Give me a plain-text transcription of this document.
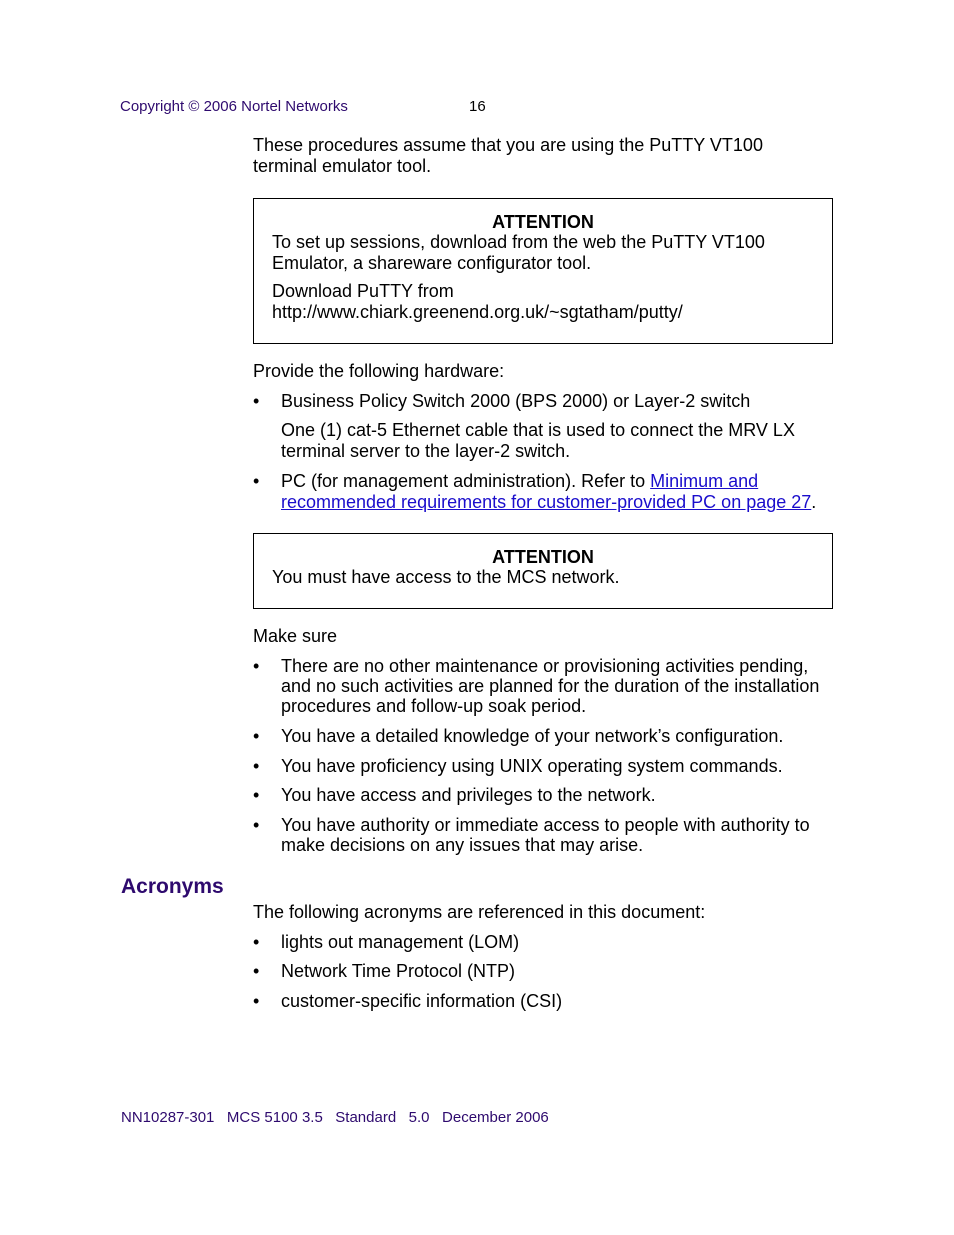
Copyright © 2006 Nortel Networks	16
These procedures assume that you are using the PuTTY VT100
terminal emulator tool.
ATTENTION
To set up sessions, download from the web the PuTTY VT100
Emulator, a shareware configurator tool.
Download PuTTY from
http://www.chiark.greenend.org.uk/~sgtatham/putty/
Provide the following hardware:
•	Business Policy Switch 2000 (BPS 2000) or Layer-2 switch
One (1) cat-5 Ethernet cable that is used to connect the MRV LX
terminal server to the layer-2 switch.
•	PC (for management administration). Refer to Minimum and
recommended requirements for customer-provided PC on page 27.
ATTENTION
You must have access to the MCS network.
Make sure
•	There are no other maintenance or provisioning activities pending,
and no such activities are planned for the duration of the installation
procedures and follow-up soak period.
•	You have a detailed knowledge of your network’s configuration.
•	You have proficiency using UNIX operating system commands.
•	You have access and privileges to the network.
•	You have authority or immediate access to people with authority to
make decisions on any issues that may arise.
Acronyms
The following acronyms are referenced in this document:
•	lights out management (LOM)
•	Network Time Protocol (NTP)
•	customer-specific information (CSI)
NN10287-301   MCS 5100 3.5   Standard   5.0   December 2006
